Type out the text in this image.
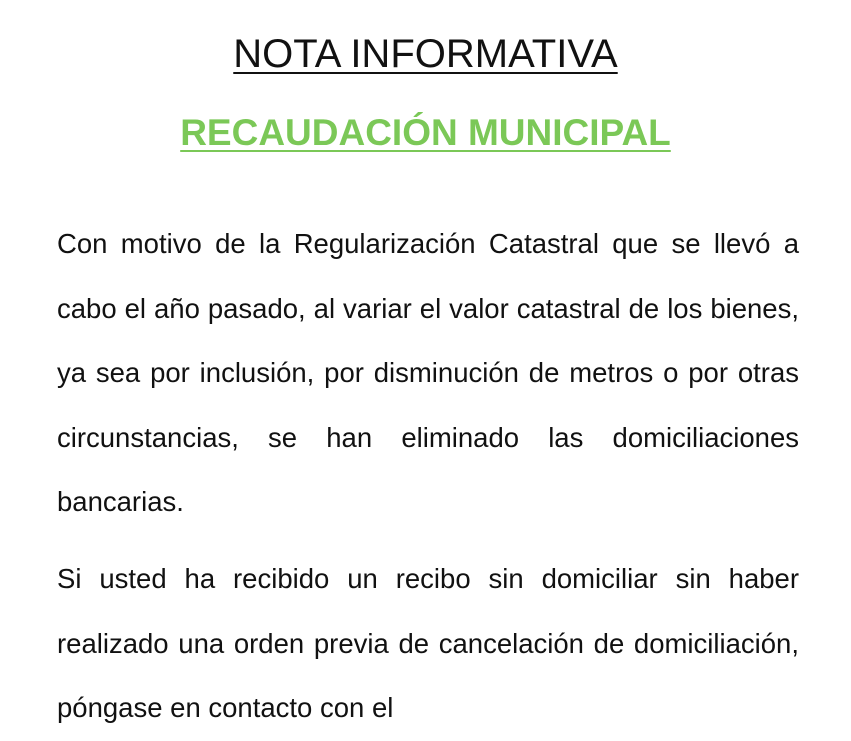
NOTA INFORMATIVA
RECAUDACIÓN MUNICIPAL

Con motivo de la Regularización Catastral que se llevó a cabo el año pasado, al variar el valor catastral de los bienes, ya sea por inclusión, por disminución de metros o por otras circunstancias, se han eliminado las domiciliaciones bancarias.

Si usted ha recibido un recibo sin domiciliar sin haber realizado una orden previa de cancelación de domiciliación, póngase en contacto con el
